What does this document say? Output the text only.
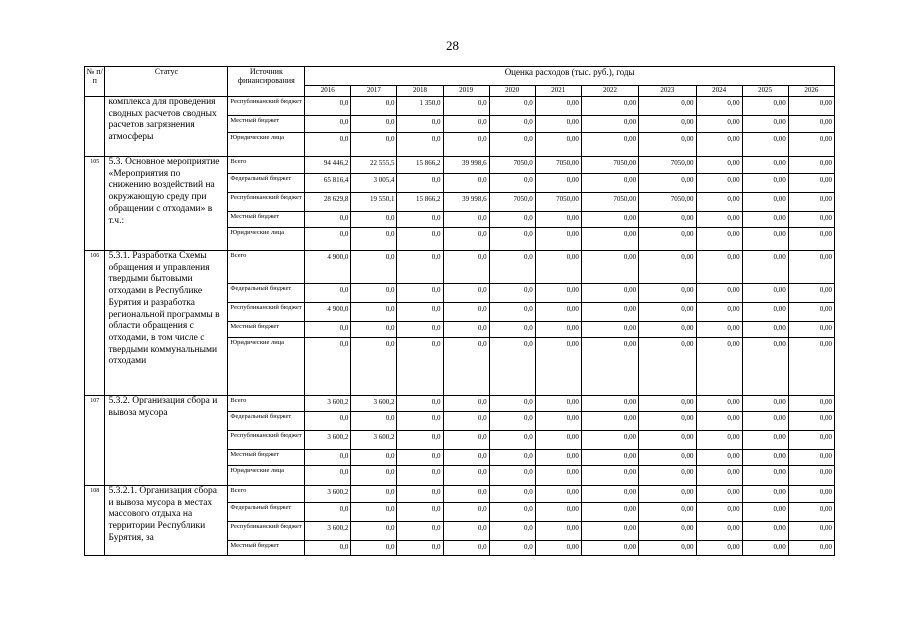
28
№ п/п	Статус	Источник финансирования	Оценка расходов (тыс. руб.), годы										
			2016	2017	2018	2019	2020	2021	2022	2023	2024	2025	2026
	комплекса для проведения сводных расчетов сводных расчетов загрязнения атмосферы	Республиканский бюджет	0,0	0,0	1 350,0	0,0	0,0	0,00	0,00	0,00	0,00	0,00	0,00
		Местный бюджет	0,0	0,0	0,0	0,0	0,0	0,00	0,00	0,00	0,00	0,00	0,00
		Юридические лица	0,0	0,0	0,0	0,0	0,0	0,00	0,00	0,00	0,00	0,00	0,00
105	5.3. Основное мероприятие «Мероприятия по снижению воздействий на окружающую среду при обращении с отходами» в т.ч.:	Всего	94 446,2	22 555,5	15 866,2	39 998,6	7050,0	7050,00	7050,00	7050,00	0,00	0,00	0,00
		Федеральный бюджет	65 816,4	3 005,4	0,0	0,0	0,0	0,00	0,00	0,00	0,00	0,00	0,00
		Республиканский бюджет	28 629,8	19 550,1	15 866,2	39 998,6	7050,0	7050,00	7050,00	7050,00	0,00	0,00	0,00
		Местный бюджет	0,0	0,0	0,0	0,0	0,0	0,00	0,00	0,00	0,00	0,00	0,00
		Юридические лица	0,0	0,0	0,0	0,0	0,0	0,00	0,00	0,00	0,00	0,00	0,00
106	5.3.1. Разработка Схемы обращения и управления твердыми бытовыми отходами в Республике Бурятия и разработка региональной программы в области обращения с отходами, в том числе с твердыми коммунальными отходами	Всего	4 900,0	0,0	0,0	0,0	0,0	0,00	0,00	0,00	0,00	0,00	0,00
		Федеральный бюджет	0,0	0,0	0,0	0,0	0,0	0,00	0,00	0,00	0,00	0,00	0,00
		Республиканский бюджет	4 900,0	0,0	0,0	0,0	0,0	0,00	0,00	0,00	0,00	0,00	0,00
		Местный бюджет	0,0	0,0	0,0	0,0	0,0	0,00	0,00	0,00	0,00	0,00	0,00
		Юридические лица	0,0	0,0	0,0	0,0	0,0	0,00	0,00	0,00	0,00	0,00	0,00
107	5.3.2. Организация сбора и вывоза мусора	Всего	3 600,2	3 600,2	0,0	0,0	0,0	0,00	0,00	0,00	0,00	0,00	0,00
		Федеральный бюджет	0,0	0,0	0,0	0,0	0,0	0,00	0,00	0,00	0,00	0,00	0,00
		Республиканский бюджет	3 600,2	3 600,2	0,0	0,0	0,0	0,00	0,00	0,00	0,00	0,00	0,00
		Местный бюджет	0,0	0,0	0,0	0,0	0,0	0,00	0,00	0,00	0,00	0,00	0,00
		Юридические лица	0,0	0,0	0,0	0,0	0,0	0,00	0,00	0,00	0,00	0,00	0,00
108	5.3.2.1. Организация сбора и вывоза мусора в местах массового отдыха на территории Республики Бурятия, за	Всего	3 600,2	0,0	0,0	0,0	0,0	0,00	0,00	0,00	0,00	0,00	0,00
		Федеральный бюджет	0,0	0,0	0,0	0,0	0,0	0,00	0,00	0,00	0,00	0,00	0,00
		Республиканский бюджет	3 600,2	0,0	0,0	0,0	0,0	0,00	0,00	0,00	0,00	0,00	0,00
		Местный бюджет	0,0	0,0	0,0	0,0	0,0	0,00	0,00	0,00	0,00	0,00	0,00
